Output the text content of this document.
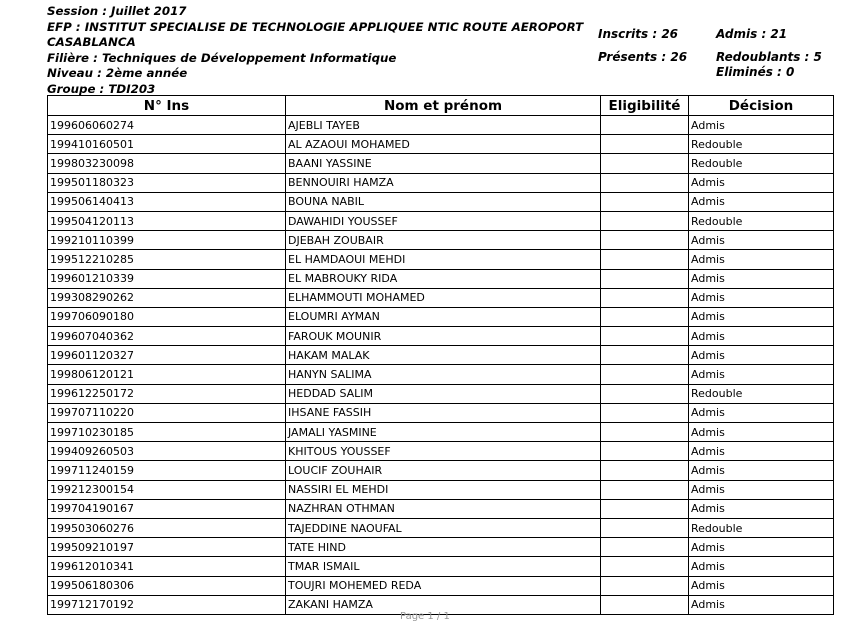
Session : Juillet 2017
EFP : INSTITUT SPECIALISE DE TECHNOLOGIE APPLIQUEE NTIC ROUTE AEROPORT
CASABLANCA
Filière : Techniques de Développement Informatique
Niveau : 2ème année
Groupe : TDI203
Inscrits : 26
Présents : 26
Admis : 21
Redoublants : 5
Eliminés : 0
N° Ins	Nom et prénom	Eligibilité	Décision
199606060274	AJEBLI TAYEB		Admis
199410160501	AL AZAOUI MOHAMED		Redouble
199803230098	BAANI YASSINE		Redouble
199501180323	BENNOUIRI HAMZA		Admis
199506140413	BOUNA NABIL		Admis
199504120113	DAWAHIDI YOUSSEF		Redouble
199210110399	DJEBAH ZOUBAIR		Admis
199512210285	EL HAMDAOUI MEHDI		Admis
199601210339	EL MABROUKY RIDA		Admis
199308290262	ELHAMMOUTI MOHAMED		Admis
199706090180	ELOUMRI AYMAN		Admis
199607040362	FAROUK MOUNIR		Admis
199601120327	HAKAM MALAK		Admis
199806120121	HANYN SALIMA		Admis
199612250172	HEDDAD SALIM		Redouble
199707110220	IHSANE FASSIH		Admis
199710230185	JAMALI YASMINE		Admis
199409260503	KHITOUS YOUSSEF		Admis
199711240159	LOUCIF ZOUHAIR		Admis
199212300154	NASSIRI EL MEHDI		Admis
199704190167	NAZHRAN OTHMAN		Admis
199503060276	TAJEDDINE NAOUFAL		Redouble
199509210197	TATE HIND		Admis
199612010341	TMAR ISMAIL		Admis
199506180306	TOUJRI MOHEMED REDA		Admis
199712170192	ZAKANI HAMZA		Admis
Page 1 / 1
